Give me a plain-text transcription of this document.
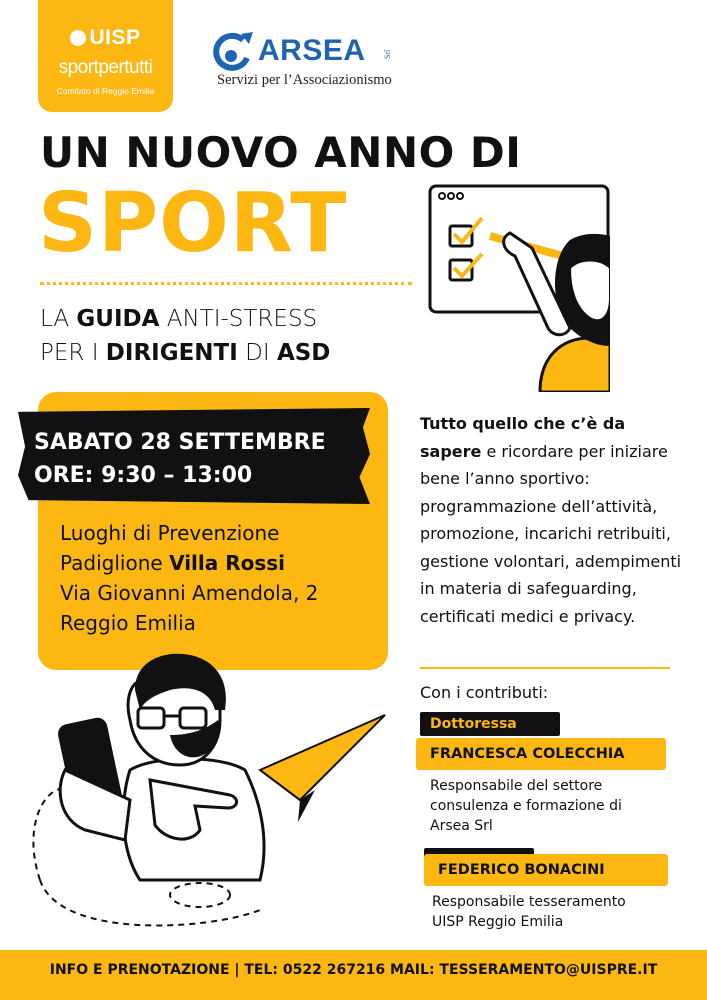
UISP
sportpertutti
Comitato di Reggio Emilia
ARSEA Srl
Servizi per l’Associazionismo
UN NUOVO ANNO DI
SPORT
LA GUIDA ANTI-STRESS
PER I DIRIGENTI DI ASD
SABATO 28 SETTEMBRE
ORE: 9:30 – 13:00
Luoghi di Prevenzione
Padiglione Villa Rossi
Via Giovanni Amendola, 2
Reggio Emilia
Tutto quello che c’è da sapere e ricordare per iniziare bene l’anno sportivo: programmazione dell’attività, promozione, incarichi retribuiti, gestione volontari, adempimenti in materia di safeguarding, certificati medici e privacy.
Con i contributi:
Dottoressa
FRANCESCA COLECCHIA
Responsabile del settore
consulenza e formazione di
Arsea Srl
FEDERICO BONACINI
Responsabile tesseramento
UISP Reggio Emilia
INFO E PRENOTAZIONE | TEL: 0522 267216 MAIL: TESSERAMENTO@UISPRE.IT
